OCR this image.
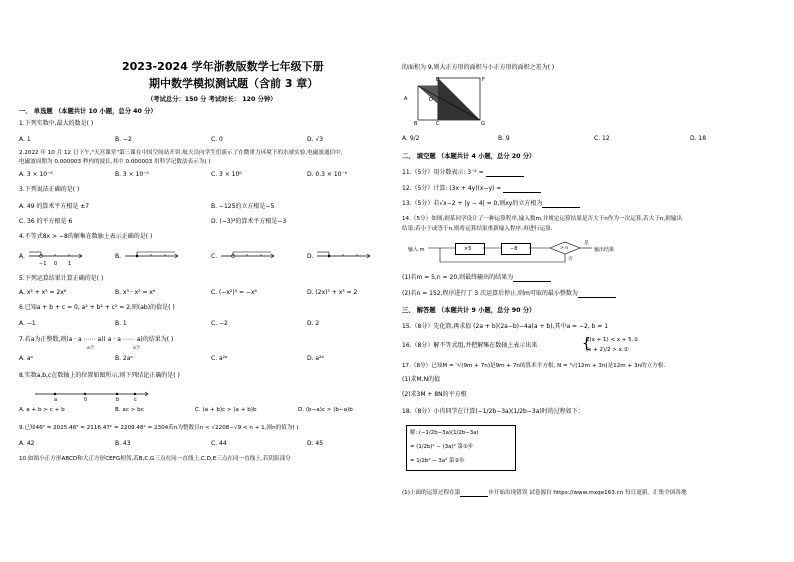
2023-2024 学年浙教版数学七年级下册
期中数学模拟测试题（含前 3 章）
（考试总分：150 分 考试时长： 120 分钟）
一、 单选题 （本题共计 10 小题，总分 40 分）
1.下列实数中,最大的数是( )
A. 1	B. −2	C. 0	D. √3
2.2022 年 10 月 12 日下午,"天宫课堂"第三课在中国空间站开讲.航天员向学生们演示了在微重力环境下的水球实验,电磁波通信中,
电磁波周期为 0.000003 秒内的波长,其中 0.000003 用科学记数法表示为( )
A. 3 × 10⁻⁶	B. 3 × 10⁻⁵	C. 3 × 10⁶	D. 0.3 × 10⁻⁶
3.下列说法正确的是( )
A. 49 的算术平方根是 ±7	B. −125的立方根是−5
C. 36 的平方根是 6	D. (−3)²的算术平方根是−3
4.不等式8x > −8的解集在数轴上表示正确的是( )
A.	B.	C.	D.
−1 0 1
5.下列运算结果计算正确的是( )
A. x² + x³ = 2x⁶	B. x³ · x² = x⁶	C. (−x²)³ = −x⁶	D. (2x)³ + x³ = 2
6.已知a + b + c = 0, a² + b² + c² = 2,则(ab)的值是( )
A. −1	B. 1	C. −2	D. 2
7.若a为正整数,则(a · a ⋯⋯ a)( a · a ⋯⋯ a)的结果为( )
a个	a个
A. aᵃ	B. 2aᵃ	C. a²ᵃ	D. a²ᵃ
8.实数a,b,c在数轴上的位置如图所示,则下列结论正确的是( )
a	0	b	c
A. a + b > c + b	B. ac > bc	C. (a + b)c > (a + b)b	D. (b−a)c > (b−a)b
9.已知46² = 2025.46² = 2116.47² = 2209.48² = 2304若n为整数且n < √2208−√9 < n + 1,则n的值为( )
A. 42	B. 43	C. 44	D. 45
10.如图小正方形ABCD和大正方形CEFG相邻,若B,C,G三点在同一直线上,C,D,E三点在同一直线上,若阴影部分
的面积为 9,则大正方形的面积与小正方形的面积之差为( )
A	D
E	F
B	C	G
A. 9/2	B. 9	C. 12	D. 18
二、 填空题 （本题共计 4 小题，总分 20 分）
11.（5分）用分数表示: 3⁻² =
12.（5分）计算: (3x + 4y)(x−y) =
13.（5分）若√x−2 + |y − 4| = 0,则xy的立方根为
14.（5分）如图,则某同学设计了一种运算程序,输入数m,并规定运算结果是否大于n作为一次运算,若大于n,则输出
结果;若小于或等于n,则将运算结果重新输入程序,再进行运算.
输入 m	×5	−8	> n	输出结果
是
否
(1)若m = 5,n = 20,则最终输出的结果为
(2)若n = 152,程序进行了 3 次运算后停止,则m可取的最小整数为
三、 解答题 （本题共计 9 小题，总分 90 分）
15.（8分）先化简,再求值 (2a + b)(2a−b)−4a(a + b),其中a = −2, b = 1
16.（8分）解不等式组,并把解集在数轴上表示出来
2(x + 1) < x + 5.①
(x + 2)/2 > x.②
{
17.（8分）已知M = ⁿ√(9m + 7n)是9m + 7n的算术平方根, N = ³√(12m + 3n)是12m + 3n的立方根.
(1)求M,N的值
(2)求3M + 8N的平方根
18.（8分）小冉同学在计算(−1/2b−3a)(1/2b−3a)时的过程如下：
解: (−1/2b−3a)(1/2b−3a)
= (1/2b)² − (3a)² 第①步
= 1/2b² − 3a² 第②步
(1)上面的运算过程在第	步开始出现错误 试卷源自 https://www.mxqe163.cn 每日更新。汇集全国各地
